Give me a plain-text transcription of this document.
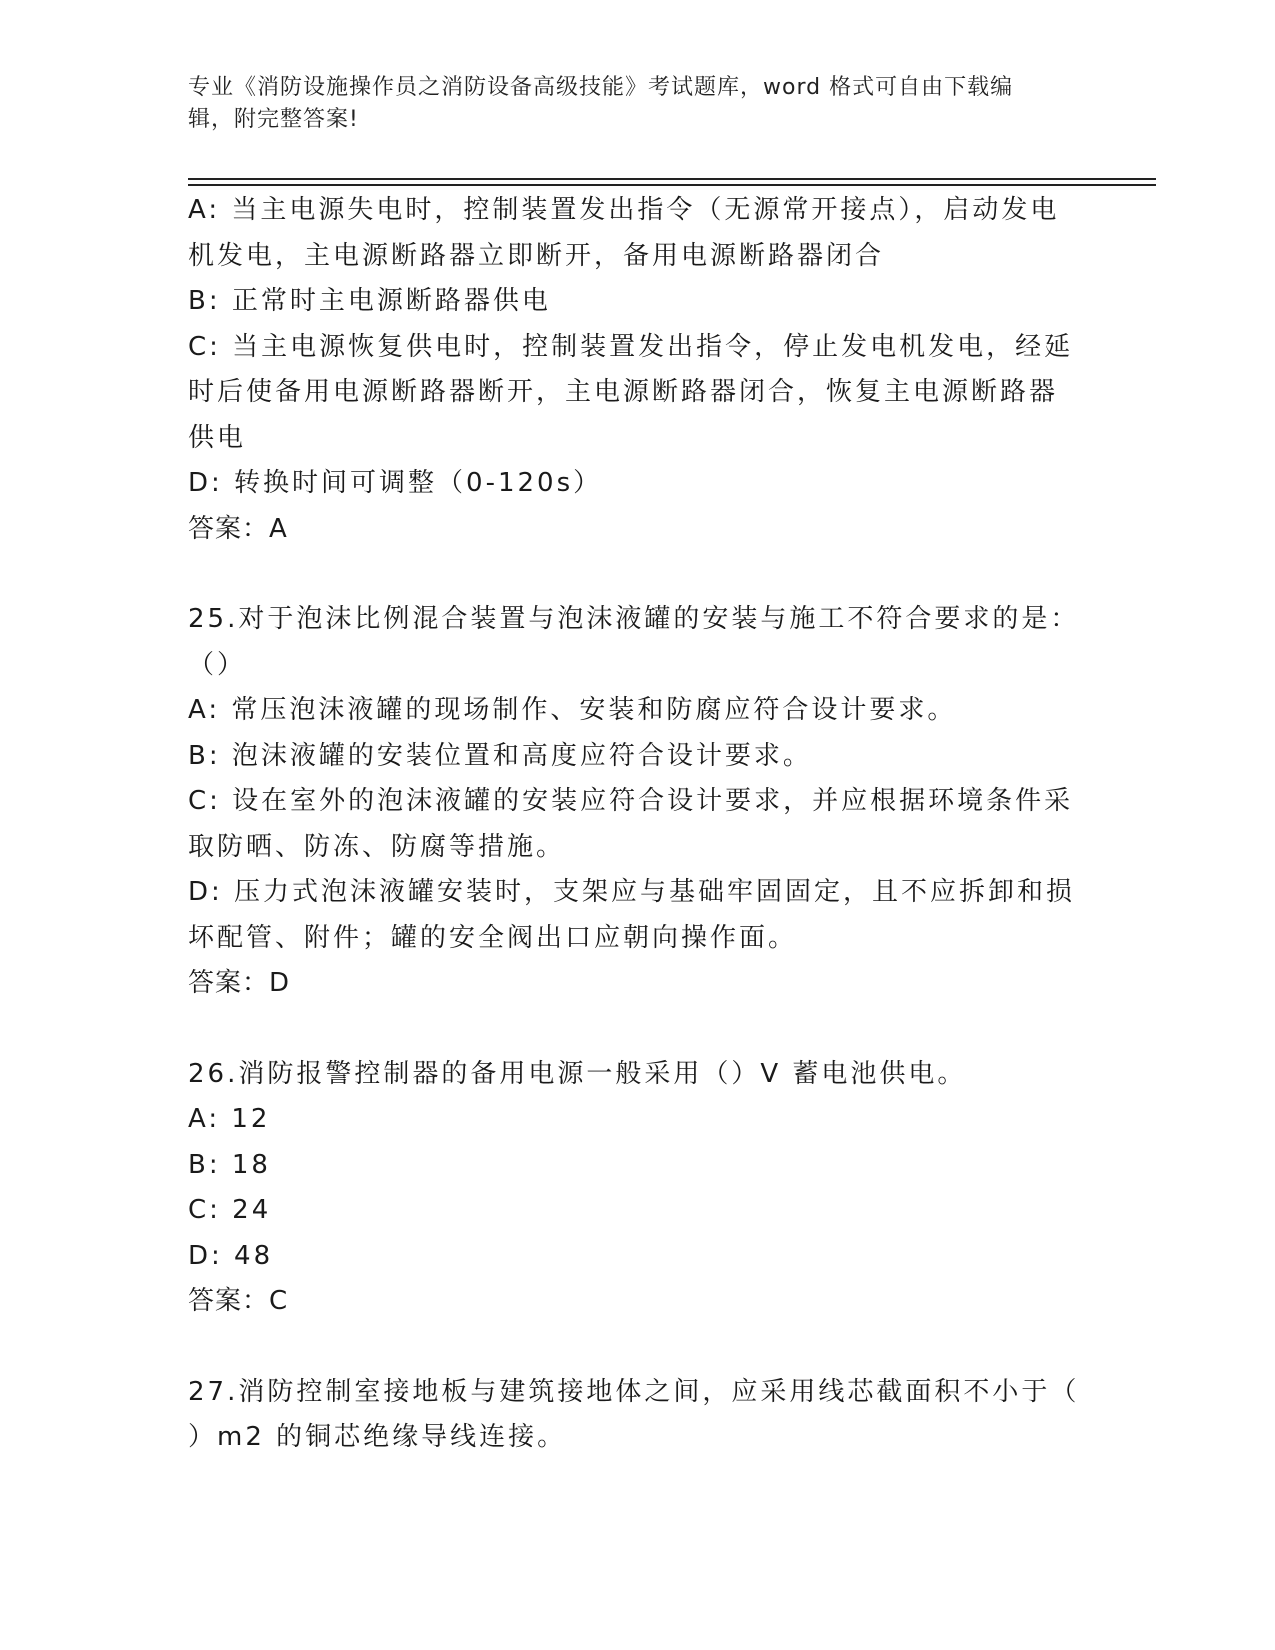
专业《消防设施操作员之消防设备高级技能》考试题库，word 格式可自由下载编
辑，附完整答案!
A: 当主电源失电时，控制装置发出指令（无源常开接点），启动发电
机发电，主电源断路器立即断开，备用电源断路器闭合
B: 正常时主电源断路器供电
C: 当主电源恢复供电时，控制装置发出指令，停止发电机发电，经延
时后使备用电源断路器断开，主电源断路器闭合，恢复主电源断路器
供电
D: 转换时间可调整（0-120s）
答案：A
25.对于泡沫比例混合装置与泡沫液罐的安装与施工不符合要求的是：
（）
A: 常压泡沫液罐的现场制作、安装和防腐应符合设计要求。
B: 泡沫液罐的安装位置和高度应符合设计要求。
C: 设在室外的泡沫液罐的安装应符合设计要求，并应根据环境条件采
取防晒、防冻、防腐等措施。
D: 压力式泡沫液罐安装时，支架应与基础牢固固定，且不应拆卸和损
坏配管、附件；罐的安全阀出口应朝向操作面。
答案：D
26.消防报警控制器的备用电源一般采用（）V 蓄电池供电。
A: 12
B: 18
C: 24
D: 48
答案：C
27.消防控制室接地板与建筑接地体之间，应采用线芯截面积不小于（
）m2 的铜芯绝缘导线连接。
